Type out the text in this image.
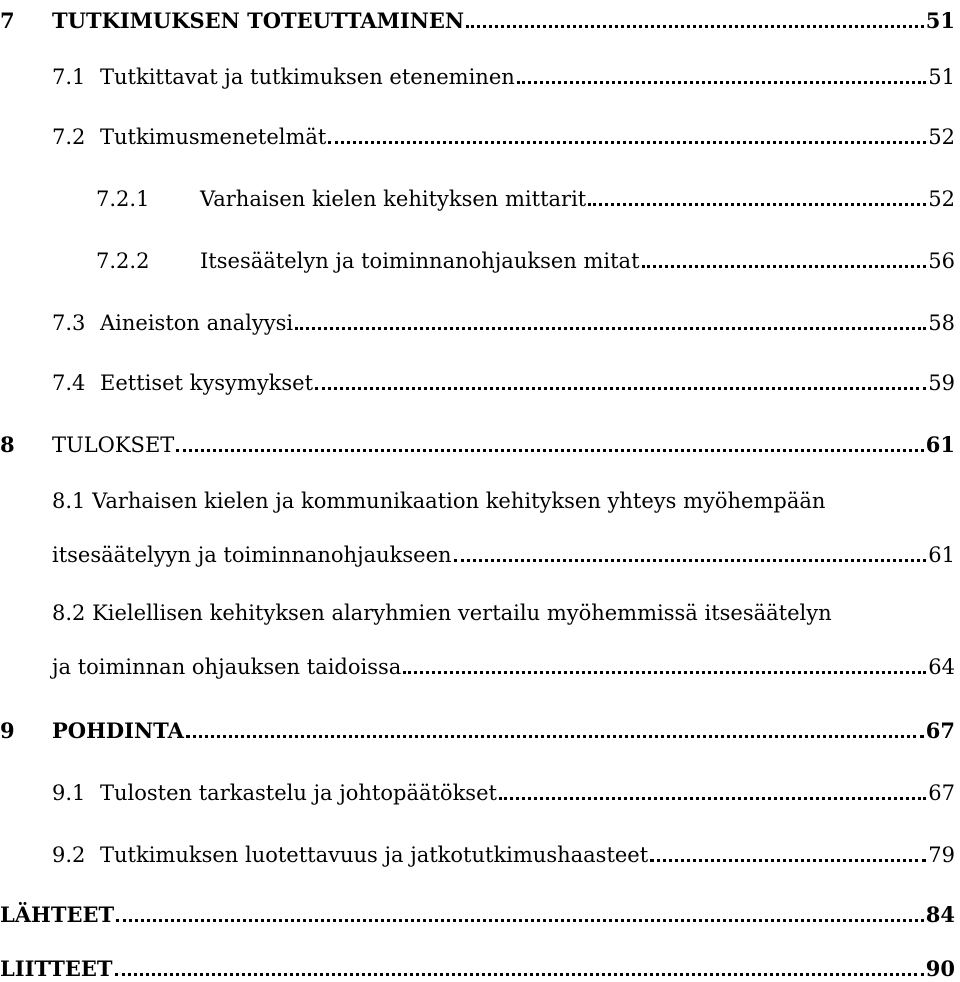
7	TUTKIMUKSEN TOTEUTTAMINEN	51
7.1 Tutkittavat ja tutkimuksen eteneminen	51
7.2 Tutkimusmenetelmät	52
7.2.1	Varhaisen kielen kehityksen mittarit	52
7.2.2	Itsesäätelyn ja toiminnanohjauksen mitat	56
7.3 Aineiston analyysi	58
7.4 Eettiset kysymykset	59
8	TULOKSET	61
8.1 Varhaisen kielen ja kommunikaation kehityksen yhteys myöhempään
itsesäätelyyn ja toiminnanohjaukseen	61
8.2 Kielellisen kehityksen alaryhmien vertailu myöhemmissä itsesäätelyn
ja toiminnan ohjauksen taidoissa	64
9	POHDINTA	67
9.1 Tulosten tarkastelu ja johtopäätökset	67
9.2 Tutkimuksen luotettavuus ja jatkotutkimushaasteet	79
LÄHTEET	84
LIITTEET	90
